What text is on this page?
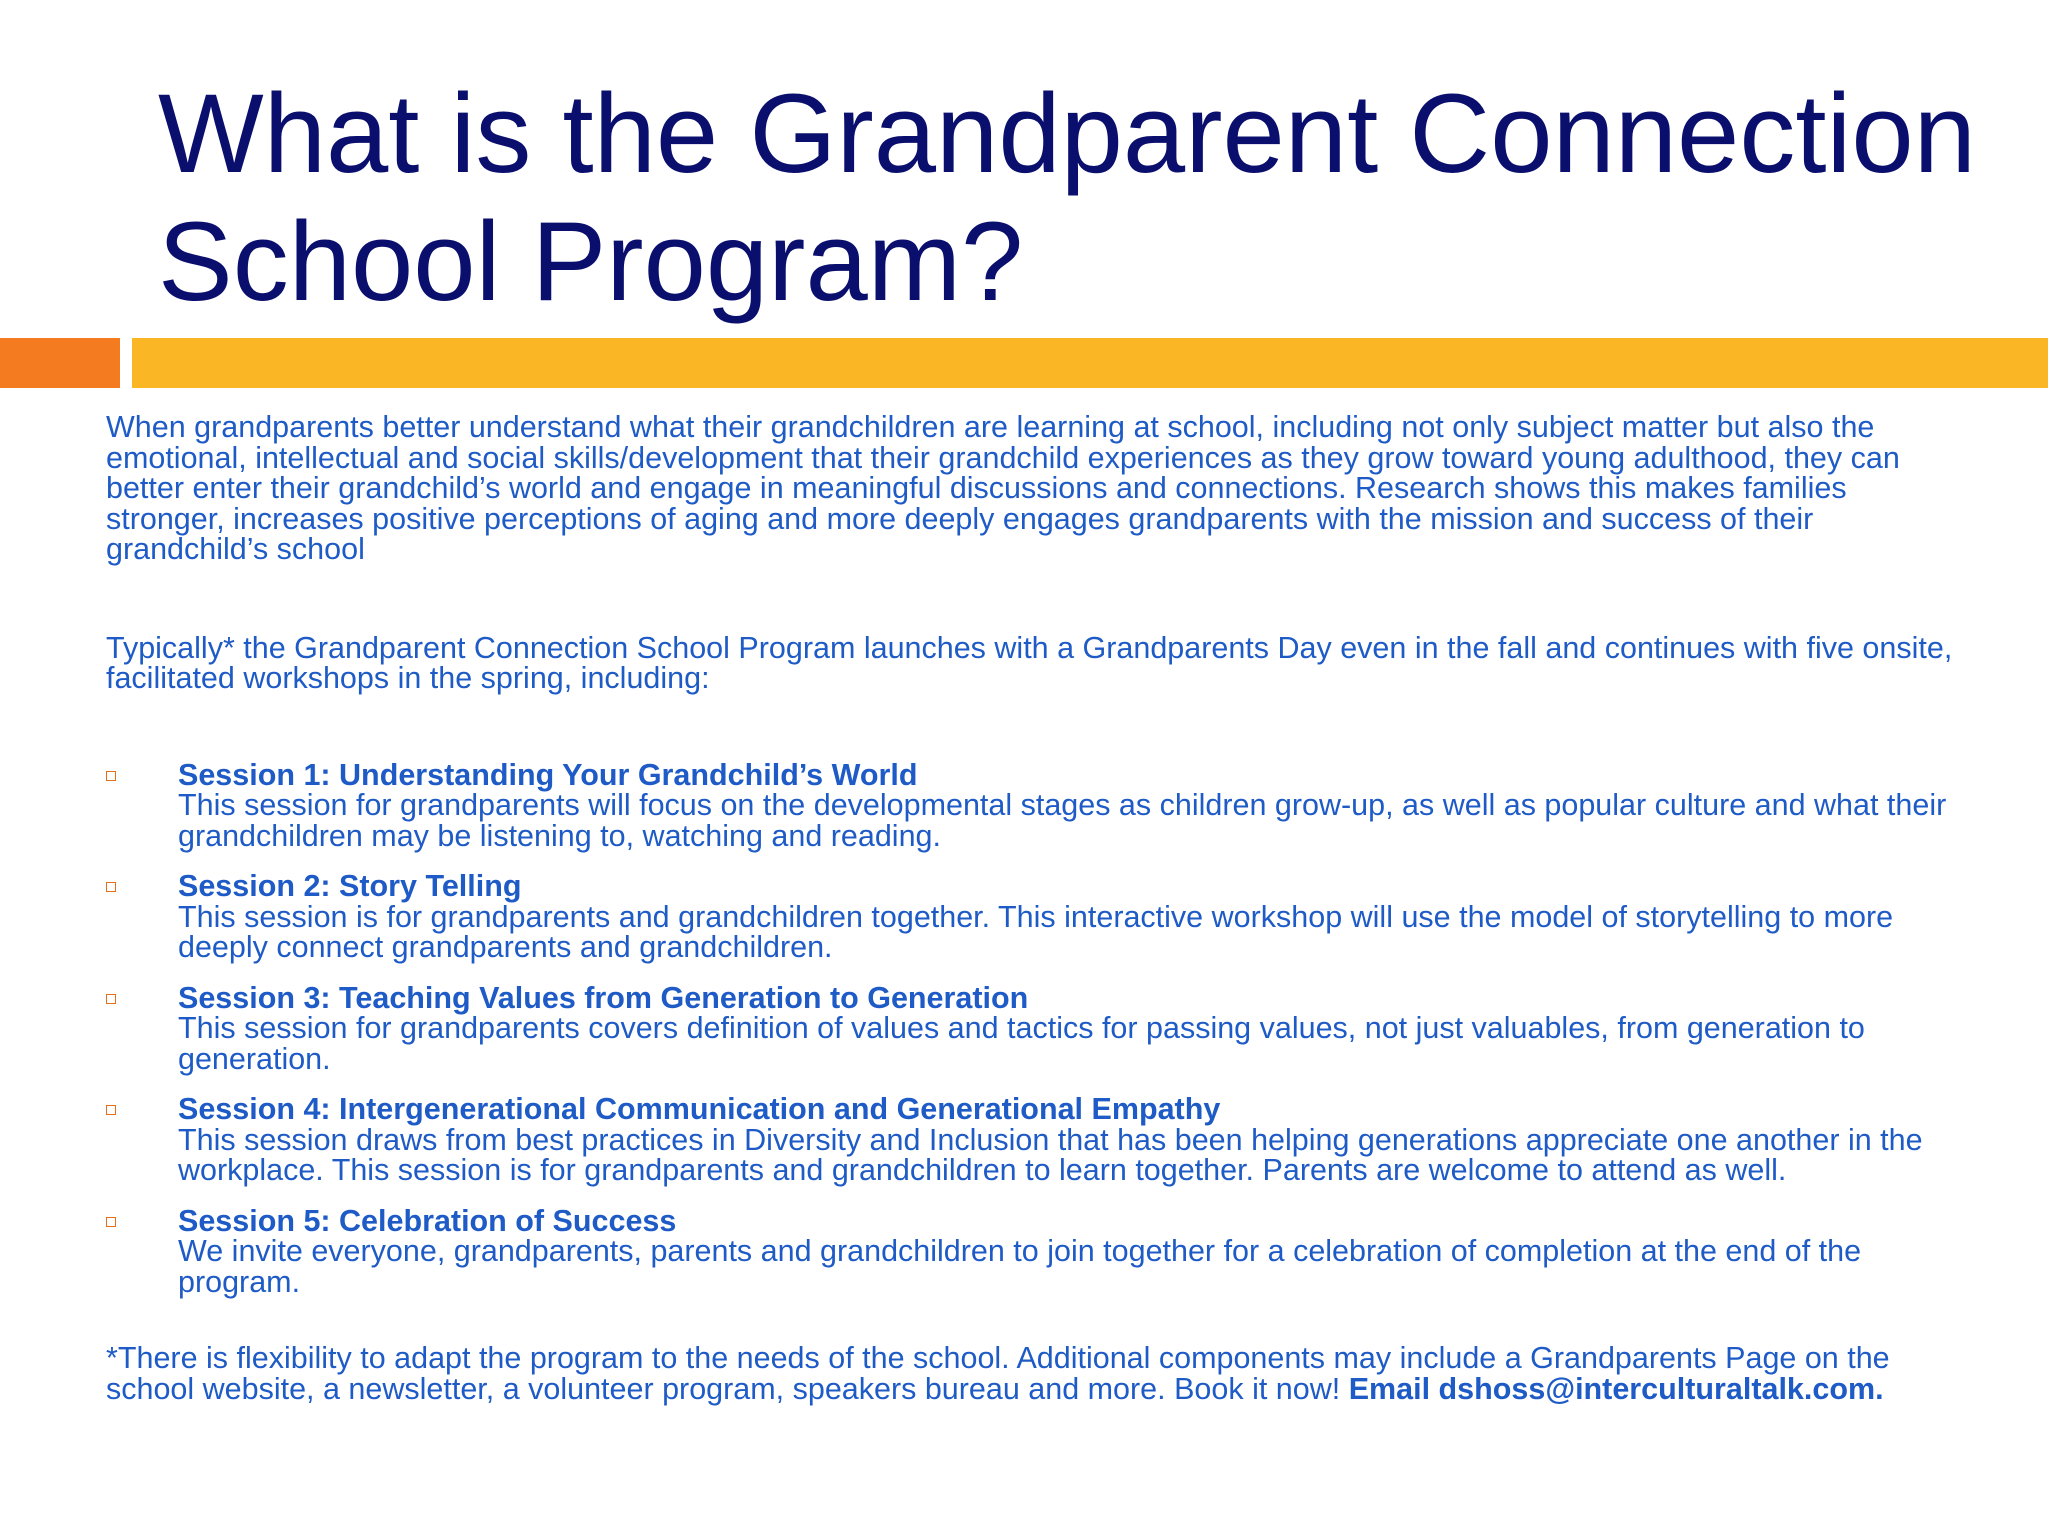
What is the Grandparent Connection School Program?

When grandparents better understand what their grandchildren are learning at school, including not only subject matter but also the emotional, intellectual and social skills/development that their grandchild experiences as they grow toward young adulthood, they can better enter their grandchild’s world and engage in meaningful discussions and connections. Research shows this makes families stronger, increases positive perceptions of aging and more deeply engages grandparents with the mission and success of their grandchild’s school

Typically* the Grandparent Connection School Program launches with a Grandparents Day even in the fall and continues with five onsite, facilitated workshops in the spring, including:

Session 1: Understanding Your Grandchild’s World
This session for grandparents will focus on the developmental stages as children grow-up, as well as popular culture and what their grandchildren may be listening to, watching and reading.
Session 2: Story Telling
This session is for grandparents and grandchildren together. This interactive workshop will use the model of storytelling to more deeply connect grandparents and grandchildren.
Session 3: Teaching Values from Generation to Generation
This session for grandparents covers definition of values and tactics for passing values, not just valuables, from generation to generation.
Session 4: Intergenerational Communication and Generational Empathy
This session draws from best practices in Diversity and Inclusion that has been helping generations appreciate one another in the workplace. This session is for grandparents and grandchildren to learn together. Parents are welcome to attend as well.
Session 5: Celebration of Success
We invite everyone, grandparents, parents and grandchildren to join together for a celebration of completion at the end of the program.

*There is flexibility to adapt the program to the needs of the school. Additional components may include a Grandparents Page on the school website, a newsletter, a volunteer program, speakers bureau and more. Book it now! Email dshoss@interculturaltalk.com.
